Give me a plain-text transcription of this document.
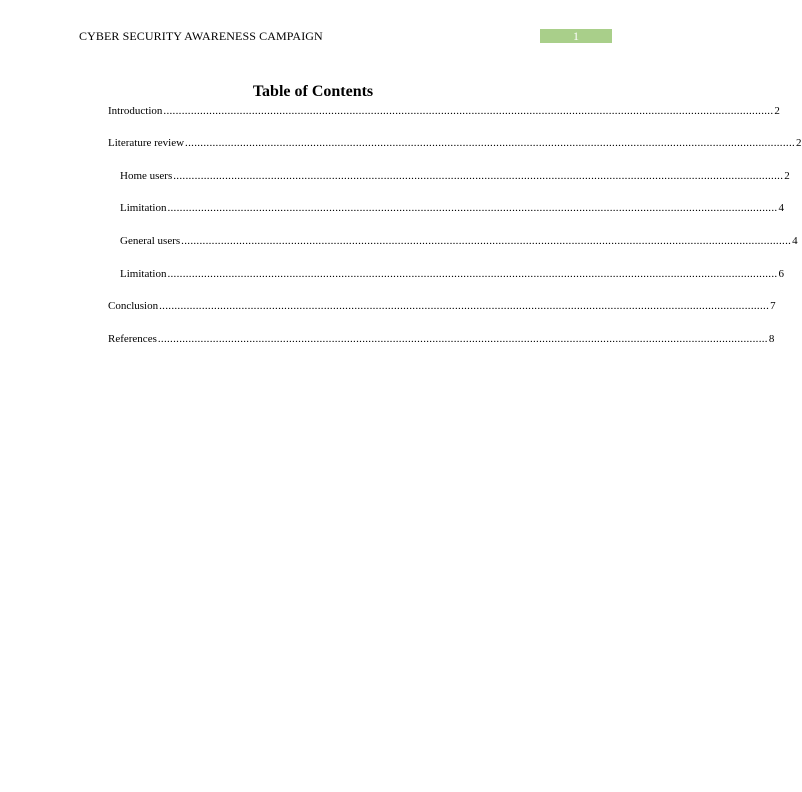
CYBER SECURITY AWARENESS CAMPAIGN	1
Table of Contents
Introduction ........................................................................................................................................................................................................ 2
Literature review ........................................................................................................................................................................................................ 2
Home users ........................................................................................................................................................................................................ 2
Limitation ........................................................................................................................................................................................................ 4
General users ........................................................................................................................................................................................................ 4
Limitation ........................................................................................................................................................................................................ 6
Conclusion ........................................................................................................................................................................................................ 7
References ........................................................................................................................................................................................................ 8
